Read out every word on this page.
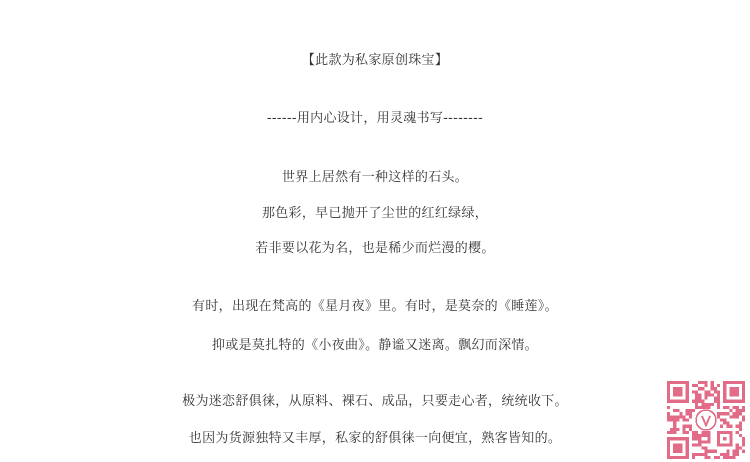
【此款为私家原创珠宝】
------用内心设计，用灵魂书写--------
世界上居然有一种这样的石头。
那色彩，早已抛开了尘世的红红绿绿，
若非要以花为名，也是稀少而烂漫的樱。
有时，出现在梵高的《星月夜》里。有时，是莫奈的《睡莲》。
抑或是莫扎特的《小夜曲》。静谧又迷离。飘幻而深情。
极为迷恋舒俱徕，从原料、裸石、成品，只要走心者，统统收下。
也因为货源独特又丰厚，私家的舒俱徕一向便宜，熟客皆知的。
